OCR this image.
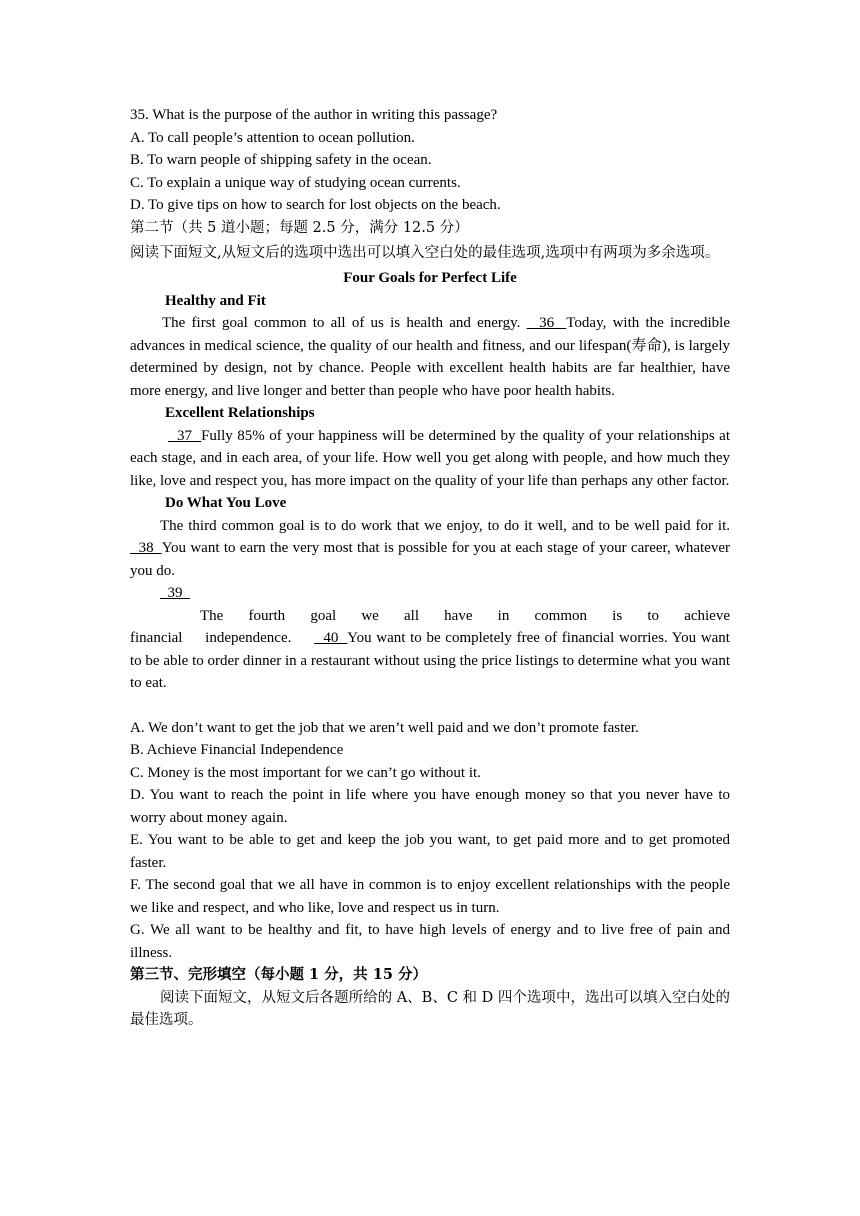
35. What is the purpose of the author in writing this passage?
A. To call people’s attention to ocean pollution.
B. To warn people of shipping safety in the ocean.
C. To explain a unique way of studying ocean currents.
D. To give tips on how to search for lost objects on the beach.
第二节（共 5 道小题；每题 2.5 分，满分 12.5 分）
阅读下面短文,从短文后的选项中选出可以填入空白处的最佳选项,选项中有两项为多余选项。
Four Goals for Perfect Life
Healthy and Fit
The first goal common to all of us is health and energy.   36  Today, with the incredible advances in medical science, the quality of our health and fitness, and our lifespan(寿命), is largely determined by design, not by chance. People with excellent health habits are far healthier, have more energy, and live longer and better than people who have poor health habits.
Excellent Relationships
37  Fully 85% of your happiness will be determined by the quality of your relationships at each stage, and in each area, of your life. How well you get along with people, and how much they like, love and respect you, has more impact on the quality of your life than perhaps any other factor.
Do What You Love
The third common goal is to do work that we enjoy, to do it well, and to be well paid for it.   38  You want to earn the very most that is possible for you at each stage of your career, whatever you do.
39
The fourth goal we all have in common is to achieve financial independence.   40  You want to be completely free of financial worries. You want to be able to order dinner in a restaurant without using the price listings to determine what you want to eat.
A. We don’t want to get the job that we aren’t well paid and we don’t promote faster.
B. Achieve Financial Independence
C. Money is the most important for we can’t go without it.
D. You want to reach the point in life where you have enough money so that you never have to worry about money again.
E. You want to be able to get and keep the job you want, to get paid more and to get promoted faster.
F. The second goal that we all have in common is to enjoy excellent relationships with the people we like and respect, and who like, love and respect us in turn.
G. We all want to be healthy and fit, to have high levels of energy and to live free of pain and illness.
第三节、完形填空（每小题 1 分，共 15 分）
阅读下面短文，从短文后各题所给的 A、B、C 和 D 四个选项中，选出可以填入空白处的最佳选项。
